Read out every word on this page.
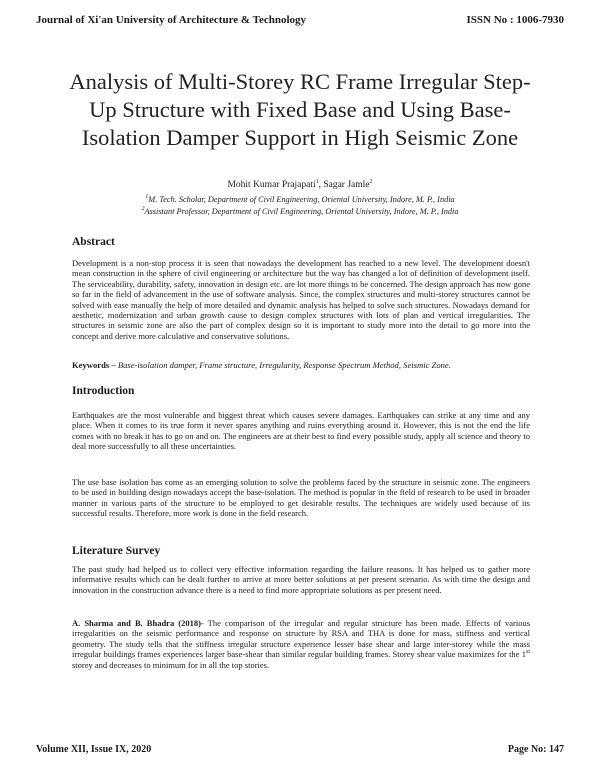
Journal of Xi'an University of Architecture & Technology	ISSN No : 1006-7930
Analysis of Multi-Storey RC Frame Irregular Step-Up Structure with Fixed Base and Using Base-Isolation Damper Support in High Seismic Zone
Mohit Kumar Prajapati$^1$, Sagar Jamle$^2$
$^1$M. Tech. Scholar, Department of Civil Engineering, Oriental University, Indore, M. P., India
$^2$Assistant Professor, Department of Civil Engineering, Oriental University, Indore, M. P., India
Abstract
Development is a non-stop process it is seen that nowadays the development has reached to a new level. The development doesn't mean construction in the sphere of civil engineering or architecture but the way has changed a lot of definition of development itself. The serviceability, durability, safety, innovation in design etc. are lot more things to be concerned. The design approach has now gone so far in the field of advancement in the use of software analysis. Since, the complex structures and multi-storey structures cannot be solved with ease manually the help of more detailed and dynamic analysis has helped to solve such structures. Nowadays demand for aesthetic, modernization and urban growth cause to design complex structures with lots of plan and vertical irregularities. The structures in seismic zone are also the part of complex design so it is important to study more into the detail to go more into the concept and derive more calculative and conservative solutions.
Keywords – Base-isolation damper, Frame structure, Irregularity, Response Spectrum Method, Seismic Zone.
Introduction
Earthquakes are the most vulnerable and biggest threat which causes severe damages. Earthquakes can strike at any time and any place. When it comes to its true form it never spares anything and ruins everything around it. However, this is not the end the life comes with no break it has to go on and on. The engineers are at their best to find every possible study, apply all science and theory to deal more successfully to all these uncertainties.
The use base isolation has come as an emerging solution to solve the problems faced by the structure in seismic zone. The engineers to be used in building design nowadays accept the base-isolation. The method is popular in the field of research to be used in broader manner in various parts of the structure to be employed to get desirable results. The techniques are widely used because of its successful results. Therefore, more work is done in the field research.
Literature Survey
The past study had helped us to collect very effective information regarding the failure reasons. It has helped us to gather more informative results which can be dealt further to arrive at more better solutions at per present scenario. As with time the design and innovation in the construction advance there is a need to find more appropriate solutions as per present need.
A. Sharma and B. Bhadra (2018)- The comparison of the irregular and regular structure has been made. Effects of various irregularities on the seismic performance and response on structure by RSA and THA is done for mass, stiffness and vertical geometry. The study tells that the stiffness irregular structure experience lesser base shear and large inter-storey while the mass irregular buildings frames experiences larger base-shear than similar regular building frames. Storey shear value maximizes for the 1st storey and decreases to minimum for in all the top stories.
Volume XII, Issue IX, 2020	Page No: 147
